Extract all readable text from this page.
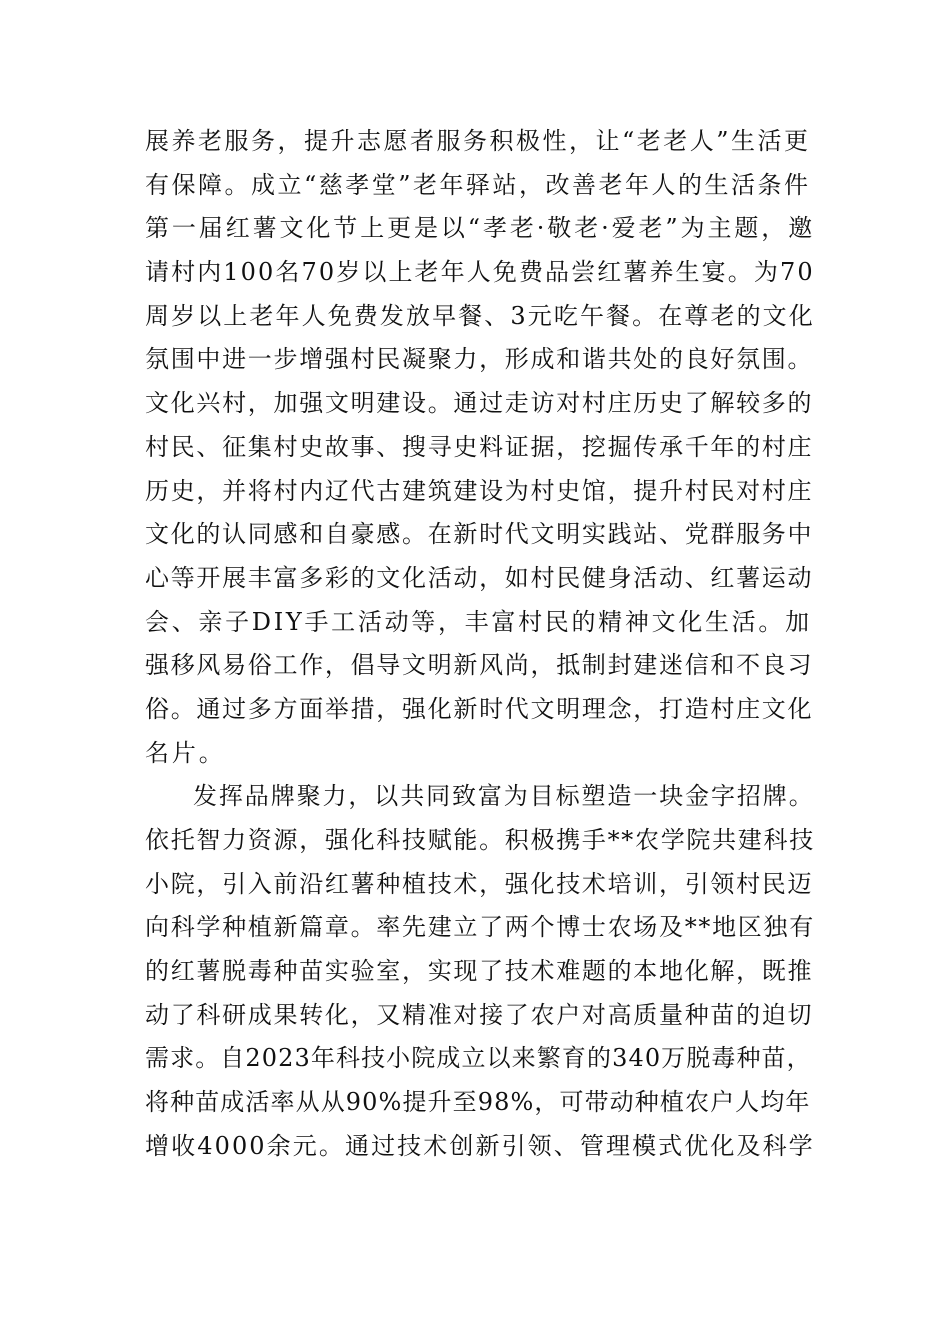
展养老服务，提升志愿者服务积极性，让“老老人”生活更
有保障。成立“慈孝堂”老年驿站，改善老年人的生活条件
第一届红薯文化节上更是以“孝老·敬老·爱老”为主题，邀
请村内100名70岁以上老年人免费品尝红薯养生宴。为70
周岁以上老年人免费发放早餐、3元吃午餐。在尊老的文化
氛围中进一步增强村民凝聚力，形成和谐共处的良好氛围。
文化兴村，加强文明建设。通过走访对村庄历史了解较多的
村民、征集村史故事、搜寻史料证据，挖掘传承千年的村庄
历史，并将村内辽代古建筑建设为村史馆，提升村民对村庄
文化的认同感和自豪感。在新时代文明实践站、党群服务中
心等开展丰富多彩的文化活动，如村民健身活动、红薯运动
会、亲子DIY手工活动等，丰富村民的精神文化生活。加
强移风易俗工作，倡导文明新风尚，抵制封建迷信和不良习
俗。通过多方面举措，强化新时代文明理念，打造村庄文化
名片。
发挥品牌聚力，以共同致富为目标塑造一块金字招牌。
依托智力资源，强化科技赋能。积极携手**农学院共建科技
小院，引入前沿红薯种植技术，强化技术培训，引领村民迈
向科学种植新篇章。率先建立了两个博士农场及**地区独有
的红薯脱毒种苗实验室，实现了技术难题的本地化解，既推
动了科研成果转化，又精准对接了农户对高质量种苗的迫切
需求。自2023年科技小院成立以来繁育的340万脱毒种苗，
将种苗成活率从从90%提升至98%，可带动种植农户人均年
增收4000余元。通过技术创新引领、管理模式优化及科学
